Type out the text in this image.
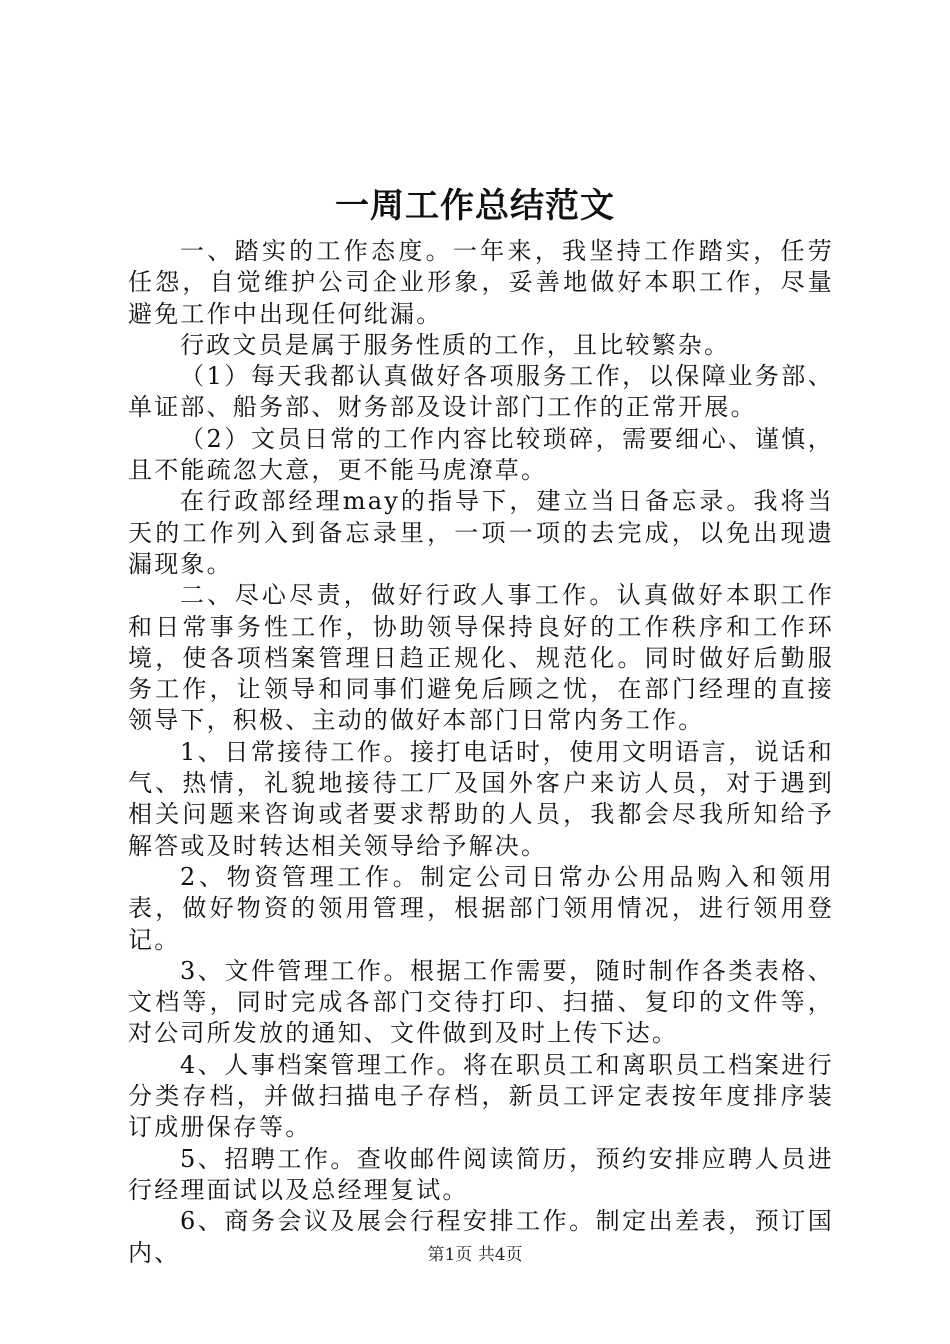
一周工作总结范文

一、踏实的工作态度。一年来，我坚持工作踏实，任劳任怨，自觉维护公司企业形象，妥善地做好本职工作，尽量避免工作中出现任何纰漏。

行政文员是属于服务性质的工作，且比较繁杂。

（1）每天我都认真做好各项服务工作，以保障业务部、单证部、船务部、财务部及设计部门工作的正常开展。

（2）文员日常的工作内容比较琐碎，需要细心、谨慎，且不能疏忽大意，更不能马虎潦草。

在行政部经理may的指导下，建立当日备忘录。我将当天的工作列入到备忘录里，一项一项的去完成，以免出现遗漏现象。

二、尽心尽责，做好行政人事工作。认真做好本职工作和日常事务性工作，协助领导保持良好的工作秩序和工作环境，使各项档案管理日趋正规化、规范化。同时做好后勤服务工作，让领导和同事们避免后顾之忧，在部门经理的直接领导下，积极、主动的做好本部门日常内务工作。

1、日常接待工作。接打电话时，使用文明语言，说话和气、热情，礼貌地接待工厂及国外客户来访人员，对于遇到相关问题来咨询或者要求帮助的人员，我都会尽我所知给予解答或及时转达相关领导给予解决。

2、物资管理工作。制定公司日常办公用品购入和领用表，做好物资的领用管理，根据部门领用情况，进行领用登记。

3、文件管理工作。根据工作需要，随时制作各类表格、文档等，同时完成各部门交待打印、扫描、复印的文件等，对公司所发放的通知、文件做到及时上传下达。

4、人事档案管理工作。将在职员工和离职员工档案进行分类存档，并做扫描电子存档，新员工评定表按年度排序装订成册保存等。

5、招聘工作。查收邮件阅读简历，预约安排应聘人员进行经理面试以及总经理复试。

6、商务会议及展会行程安排工作。制定出差表，预订国内、	第1页 共4页
